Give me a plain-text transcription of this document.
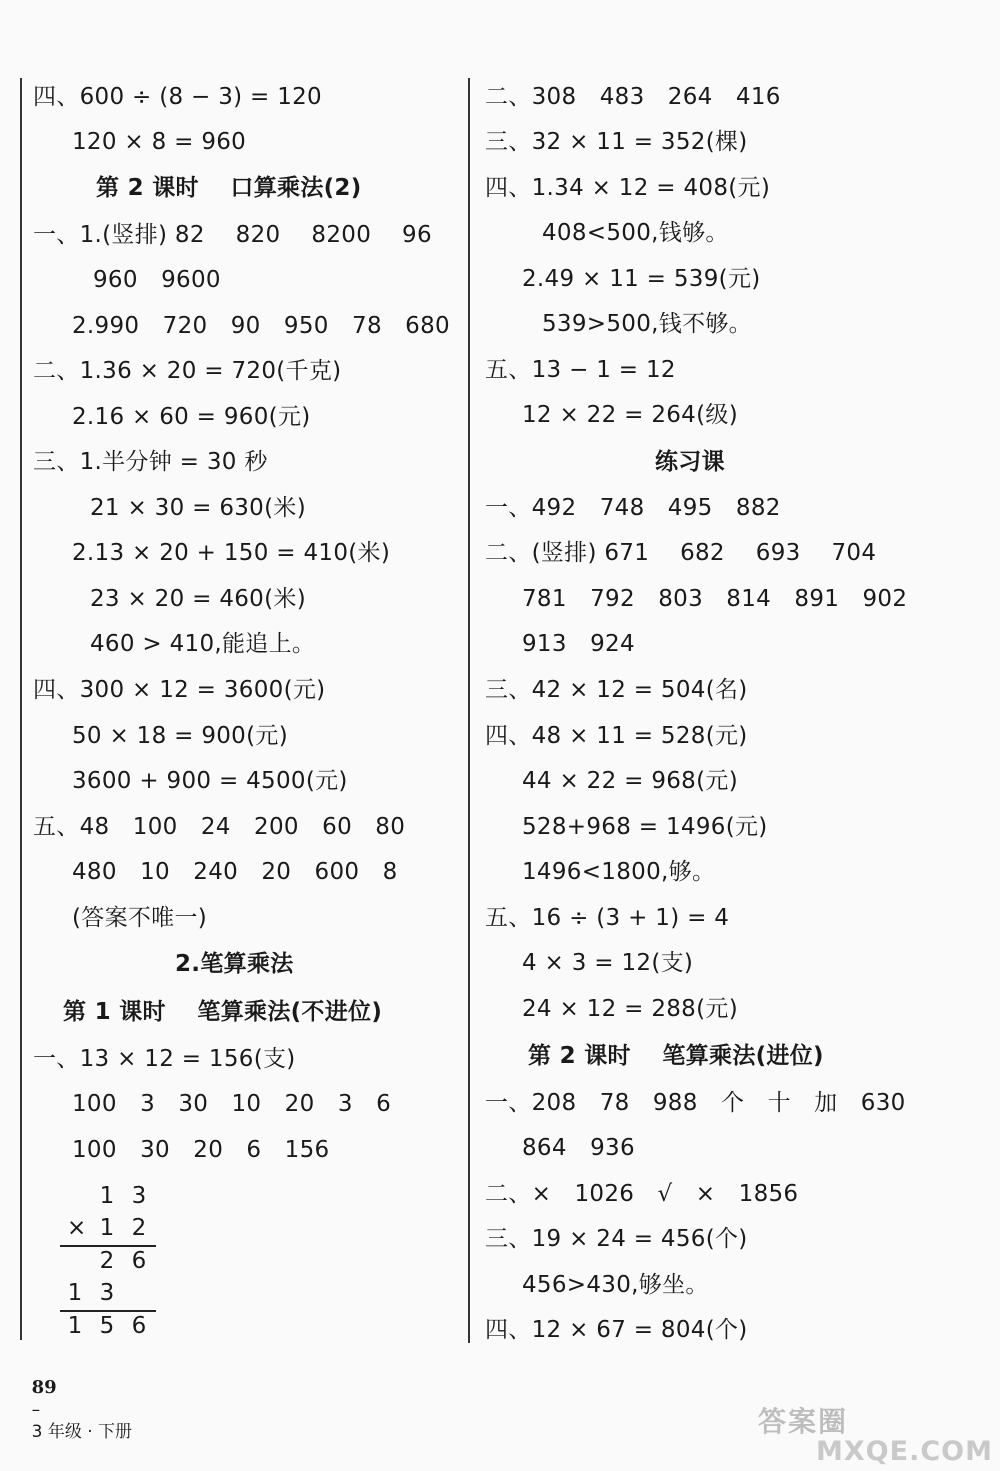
四、600 ÷ (8 − 3) = 120
120 × 8 = 960
第 2 课时　 口算乘法(2)
一、1.(竖排) 82　 820　 8200　 96
960　9600
2.990　720　90　950　78　680
二、1.36 × 20 = 720(千克)
2.16 × 60 = 960(元)
三、1.半分钟 = 30 秒
21 × 30 = 630(米)
2.13 × 20 + 150 = 410(米)
23 × 20 = 460(米)
460 > 410,能追上。
四、300 × 12 = 3600(元)
50 × 18 = 900(元)
3600 + 900 = 4500(元)
五、48　100　24　200　60　80
480　10　240　20　600　8
(答案不唯一)
2.笔算乘法
第 1 课时　 笔算乘法(不进位)
一、13 × 12 = 156(支)
100　3　30　10　20　3　6
100　30　20　6　156
1 3
× 1 2
2 6
1 3
1 5 6
二、308　483　264　416
三、32 × 11 = 352(棵)
四、1.34 × 12 = 408(元)
408<500,钱够。
2.49 × 11 = 539(元)
539>500,钱不够。
五、13 − 1 = 12
12 × 22 = 264(级)
练习课
一、492　748　495　882
二、(竖排) 671　 682　 693　 704
781　792　803　814　891　902
913　924
三、42 × 12 = 504(名)
四、48 × 11 = 528(元)
44 × 22 = 968(元)
528+968 = 1496(元)
1496<1800,够。
五、16 ÷ (3 + 1) = 4
4 × 3 = 12(支)
24 × 12 = 288(元)
第 2 课时　 笔算乘法(进位)
一、208　78　988　个　十　加　630
864　936
二、×　1026　√　×　1856
三、19 × 24 = 456(个)
456>430,够坐。
四、12 × 67 = 804(个)

89
–
3 年级 · 下册
	答案圈
MXQE.COM
